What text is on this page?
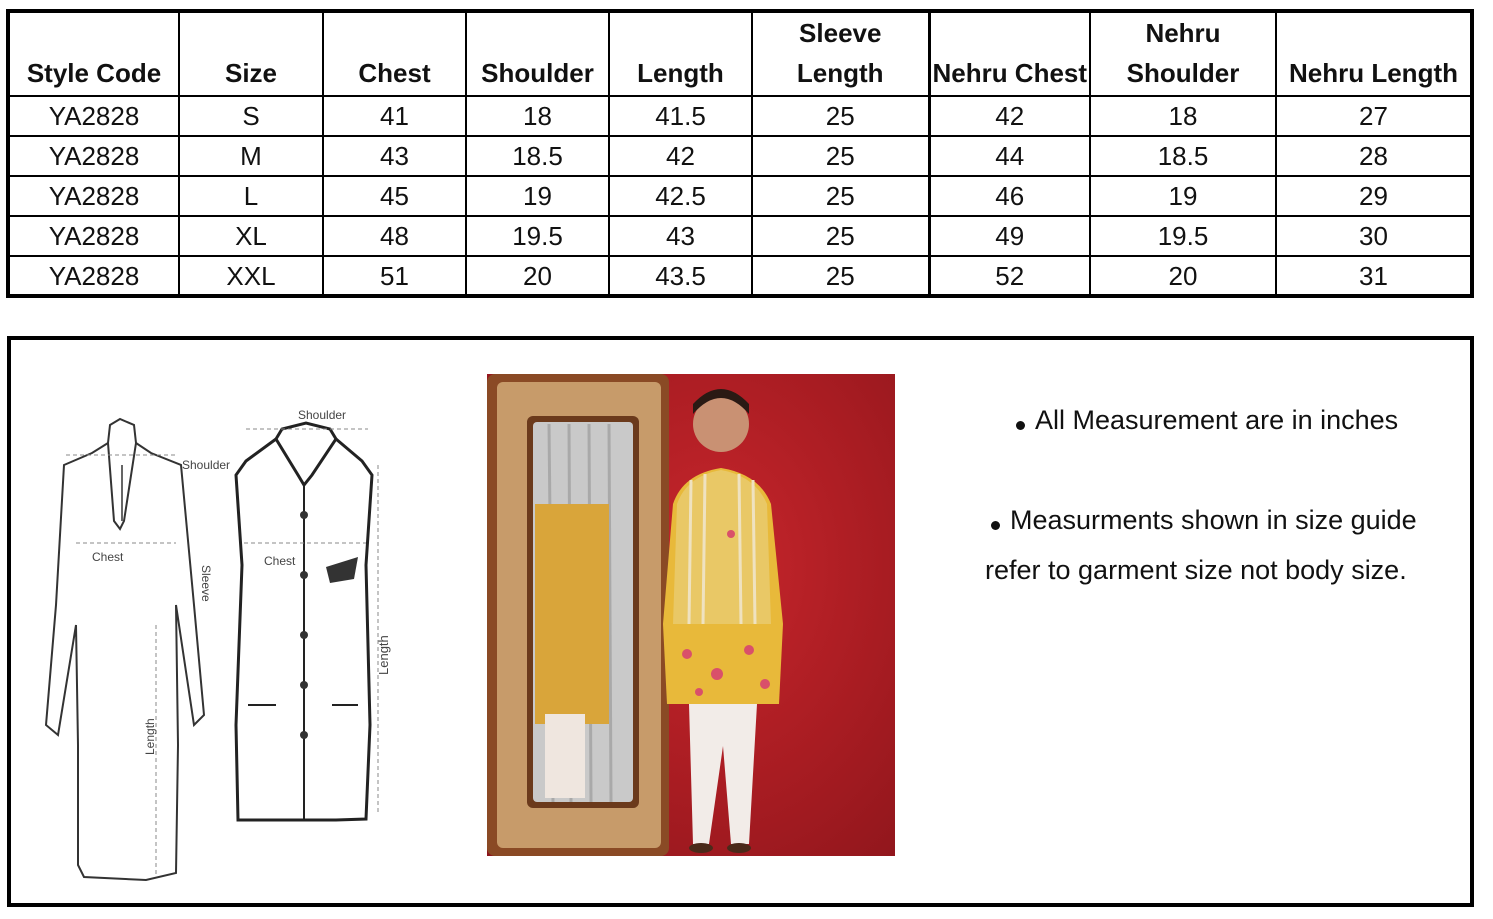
Style Code	Size	Chest	Shoulder	Length	Sleeve Length	Nehru Chest	Nehru Shoulder	Nehru Length
YA2828	S	41	18	41.5	25	42	18	27
YA2828	M	43	18.5	42	25	44	18.5	28
YA2828	L	45	19	42.5	25	46	19	29
YA2828	XL	48	19.5	43	25	49	19.5	30
YA2828	XXL	51	20	43.5	25	52	20	31
Shoulder
Chest
Sleeve
Length
Shoulder
Chest
Length
All Measurement are in inches
Measurments shown in size guide
refer to garment size not body size.
